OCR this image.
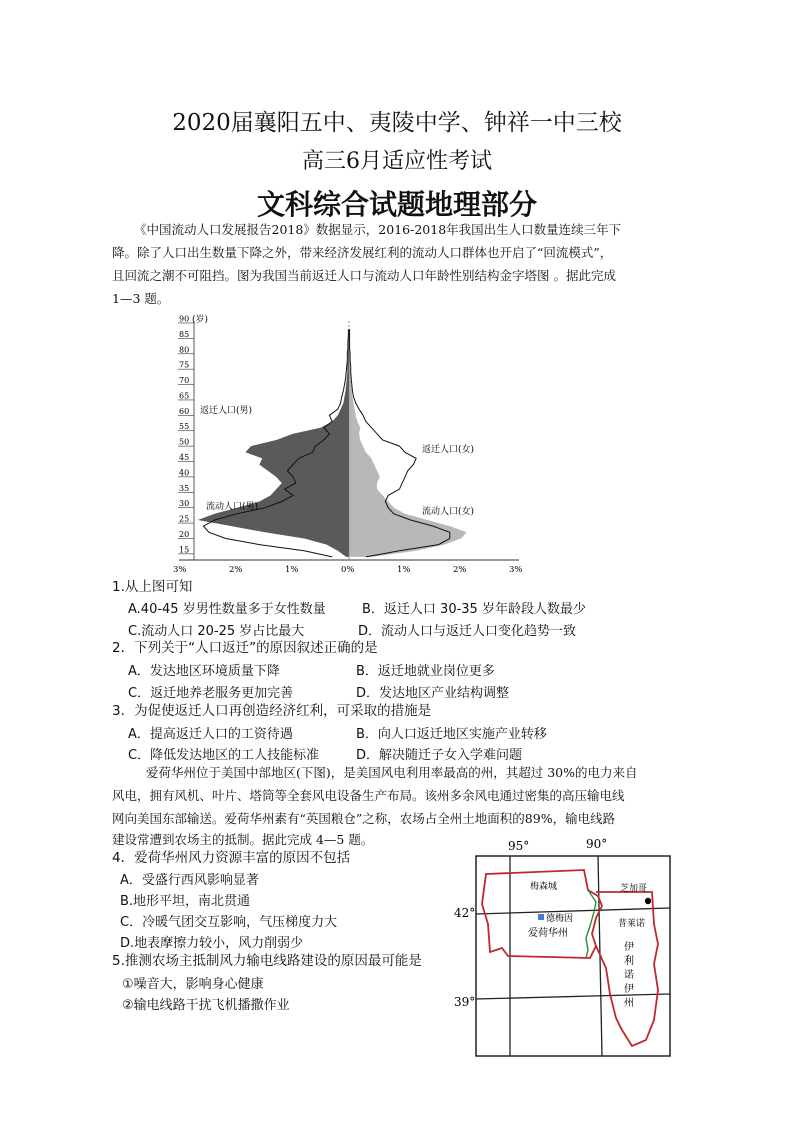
2020届襄阳五中、夷陵中学、钟祥一中三校
高三6月适应性考试
文科综合试题地理部分
《中国流动人口发展报告2018》数据显示，2016-2018年我国出生人口数量连续三年下
降。除了人口出生数量下降之外，带来经济发展红利的流动人口群体也开启了“回流模式”，
且回流之潮不可阻挡。图为我国当前返迁人口与流动人口年龄性别结构金字塔图 。据此完成
1—3 题。
90
85
80
75
70
65
60
55
50
45
40
35
30
25
20
15
3%	2%	1%	0%	1%	2%	3%
(岁)
返迁人口(男)
返迁人口(女)
流动人口(男)	流动人口(女)
1.从上图可知
A.40-45 岁男性数量多于女性数量	B．返迁人口 30-35 岁年龄段人数最少
C.流动人口 20-25 岁占比最大	D．流动人口与返迁人口变化趋势一致
2．下列关于“人口返迁”的原因叙述正确的是
A．发达地区环境质量下降	B．返迁地就业岗位更多
C．返迁地养老服务更加完善	D．发达地区产业结构调整
3．为促使返迁人口再创造经济红利，可采取的措施是
A．提高返迁人口的工资待遇	B．向人口返迁地区实施产业转移
C．降低发达地区的工人技能标准	D．解决随迁子女入学难问题
爱荷华州位于美国中部地区(下图)，是美国风电利用率最高的州，其超过 30%的电力来自
风电，拥有风机、叶片、塔筒等全套风电设备生产布局。该州多余风电通过密集的高压输电线
网向美国东部输送。爱荷华州素有“英国粮仓”之称，农场占全州土地面积的89%，输电线路
建设常遭到农场主的抵制。据此完成 4—5 题。
4．爱荷华州风力资源丰富的原因不包括
A．受盛行西风影响显著
B.地形平坦，南北贯通
C．冷暖气团交互影响，气压梯度力大
D.地表摩擦力较小，风力削弱少
5.推测农场主抵制风力输电线路建设的原因最可能是
①噪音大，影响身心健康
②输电线路干扰飞机播撒作业
95°	90°
42°
39°
梅森城	芝加哥
普莱诺
德梅因
爱荷华州
伊
利
诺
伊
州
